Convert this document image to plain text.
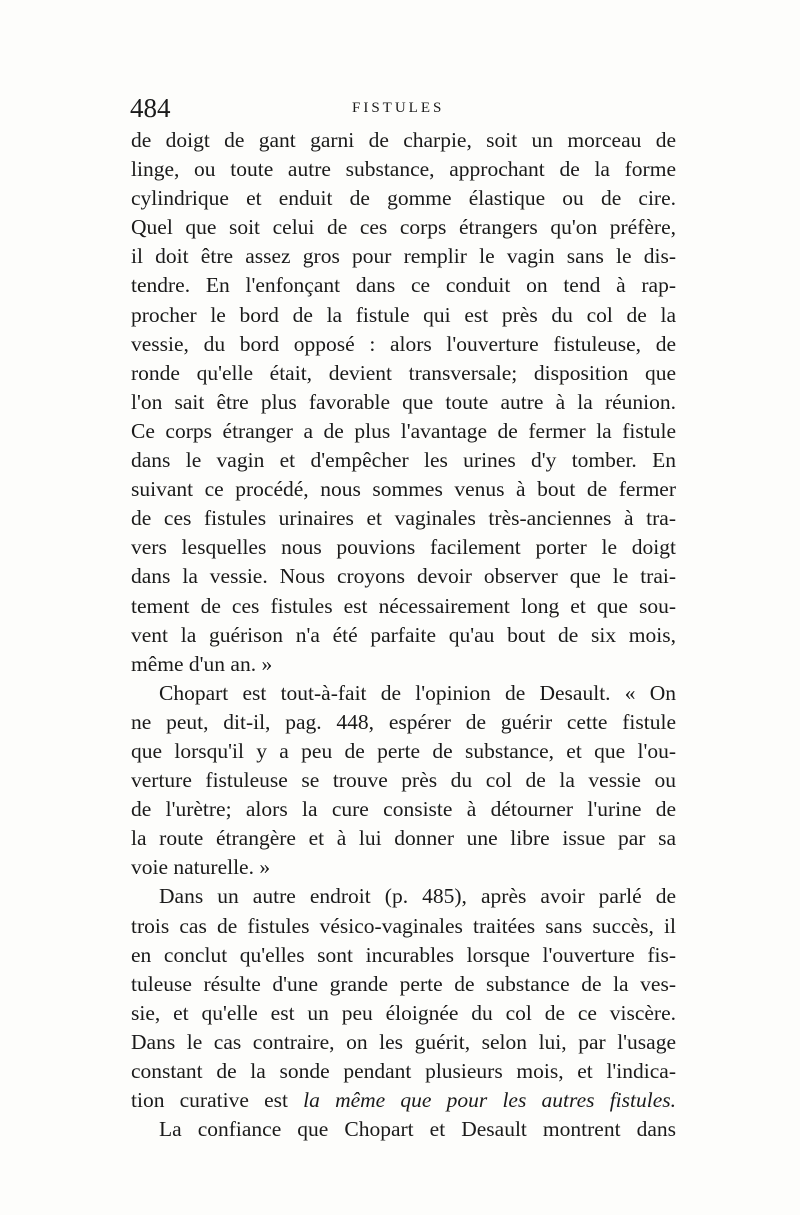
484	FISTULES
de doigt de gant garni de charpie, soit un morceau de
linge, ou toute autre substance, approchant de la forme
cylindrique et enduit de gomme élastique ou de cire.
Quel que soit celui de ces corps étrangers qu'on préfère,
il doit être assez gros pour remplir le vagin sans le dis-
tendre. En l'enfonçant dans ce conduit on tend à rap-
procher le bord de la fistule qui est près du col de la
vessie, du bord opposé : alors l'ouverture fistuleuse, de
ronde qu'elle était, devient transversale; disposition que
l'on sait être plus favorable que toute autre à la réunion.
Ce corps étranger a de plus l'avantage de fermer la fistule
dans le vagin et d'empêcher les urines d'y tomber. En
suivant ce procédé, nous sommes venus à bout de fermer
de ces fistules urinaires et vaginales très-anciennes à tra-
vers lesquelles nous pouvions facilement porter le doigt
dans la vessie. Nous croyons devoir observer que le trai-
tement de ces fistules est nécessairement long et que sou-
vent la guérison n'a été parfaite qu'au bout de six mois,
même d'un an. »
Chopart est tout-à-fait de l'opinion de Desault. « On
ne peut, dit-il, pag. 448, espérer de guérir cette fistule
que lorsqu'il y a peu de perte de substance, et que l'ou-
verture fistuleuse se trouve près du col de la vessie ou
de l'urètre; alors la cure consiste à détourner l'urine de
la route étrangère et à lui donner une libre issue par sa
voie naturelle. »
Dans un autre endroit (p. 485), après avoir parlé de
trois cas de fistules vésico-vaginales traitées sans succès, il
en conclut qu'elles sont incurables lorsque l'ouverture fis-
tuleuse résulte d'une grande perte de substance de la ves-
sie, et qu'elle est un peu éloignée du col de ce viscère.
Dans le cas contraire, on les guérit, selon lui, par l'usage
constant de la sonde pendant plusieurs mois, et l'indica-
tion curative est la même que pour les autres fistules.
La confiance que Chopart et Desault montrent dans
